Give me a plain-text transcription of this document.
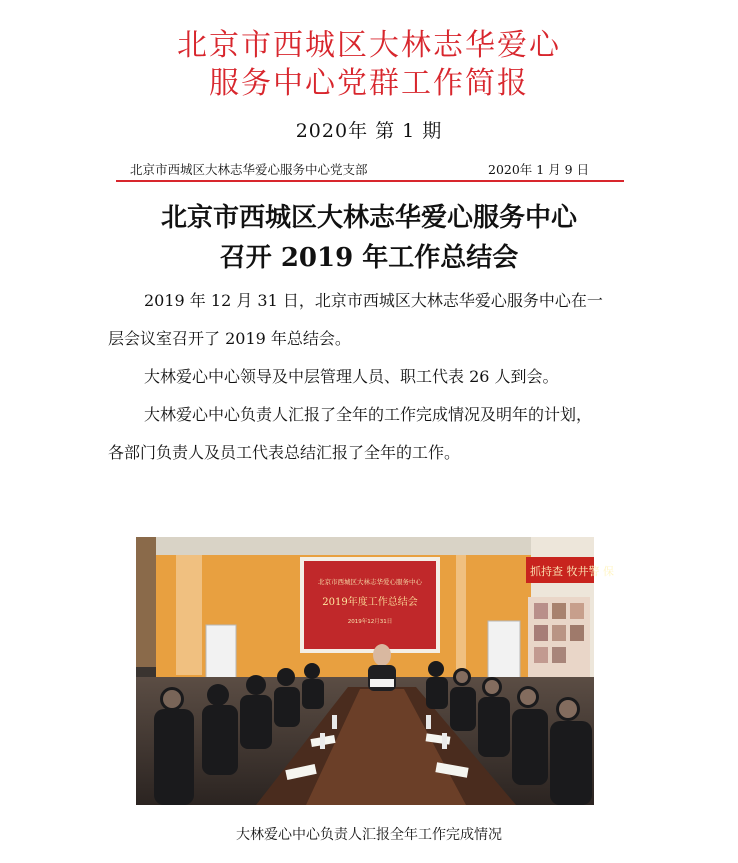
北京市西城区大林志华爱心
服务中心党群工作简报
2020年 第 1 期
北京市西城区大林志华爱心服务中心党支部	2020年 1 月 9 日
北京市西城区大林志华爱心服务中心
召开 2019 年工作总结会
2019 年 12 月 31 日，北京市西城区大林志华爱心服务中心在一
层会议室召开了 2019 年总结会。
大林爱心中心领导及中层管理人员、职工代表 26 人到会。
大林爱心中心负责人汇报了全年的工作完成情况及明年的计划，
各部门负责人及员工代表总结汇报了全年的工作。
抓持查 牧井警 保
北京市西城区大林志华爱心服务中心
2019年度工作总结会
2019年12月31日
大林爱心中心负责人汇报全年工作完成情况
